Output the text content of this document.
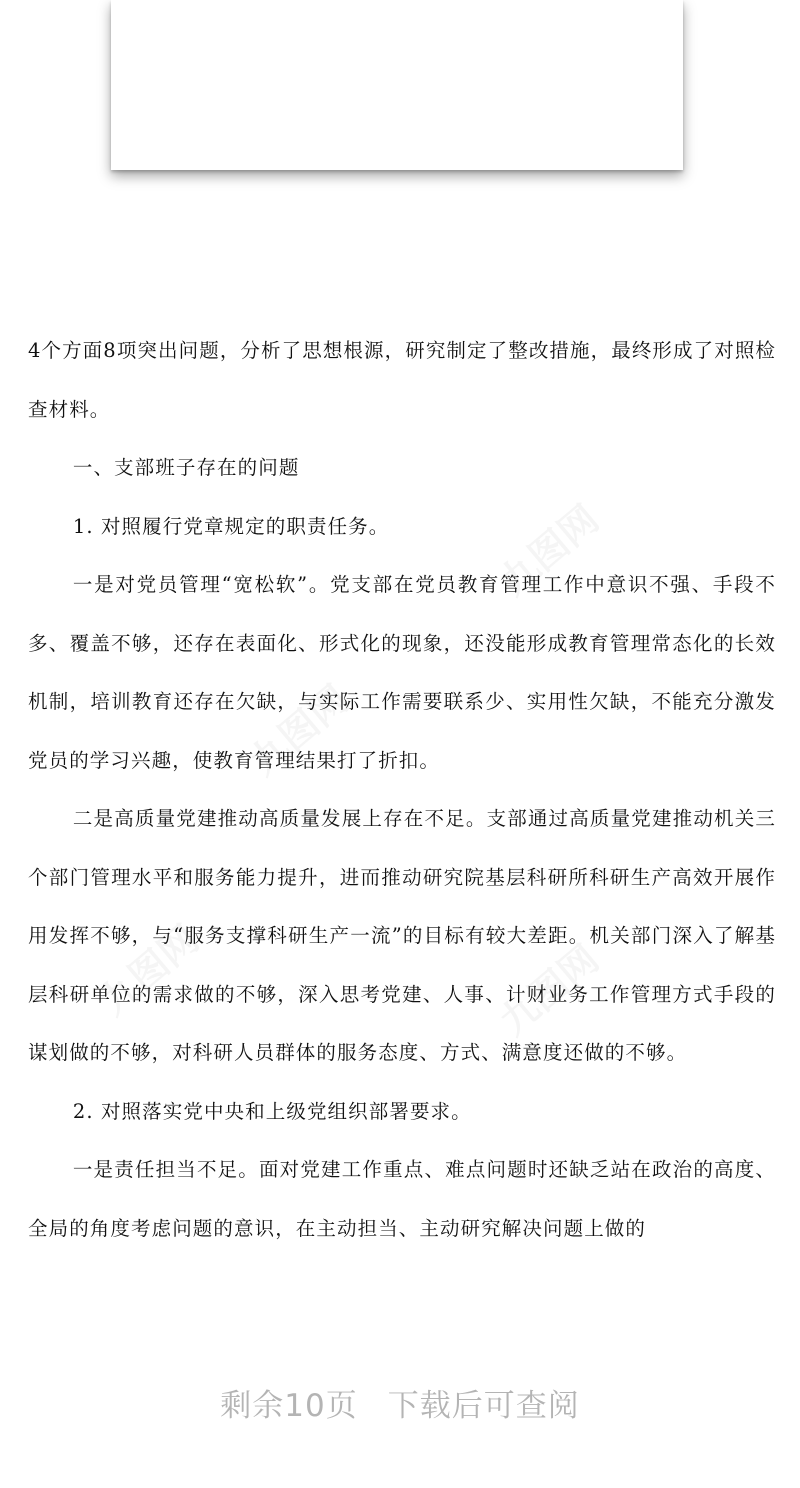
九图网
九图网
九图网
九图网

4个方面8项突出问题，分析了思想根源，研究制定了整改措施，最终形成了对照检查材料。

一、支部班子存在的问题

1. 对照履行党章规定的职责任务。

一是对党员管理“宽松软”。党支部在党员教育管理工作中意识不强、手段不多、覆盖不够，还存在表面化、形式化的现象，还没能形成教育管理常态化的长效机制，培训教育还存在欠缺，与实际工作需要联系少、实用性欠缺，不能充分激发党员的学习兴趣，使教育管理结果打了折扣。

二是高质量党建推动高质量发展上存在不足。支部通过高质量党建推动机关三个部门管理水平和服务能力提升，进而推动研究院基层科研所科研生产高效开展作用发挥不够，与“服务支撑科研生产一流”的目标有较大差距。机关部门深入了解基层科研单位的需求做的不够，深入思考党建、人事、计财业务工作管理方式手段的谋划做的不够，对科研人员群体的服务态度、方式、满意度还做的不够。

2. 对照落实党中央和上级党组织部署要求。

一是责任担当不足。面对党建工作重点、难点问题时还缺乏站在政治的高度、全局的角度考虑问题的意识，在主动担当、主动研究解决问题上做的

剩余10页 下载后可查阅
